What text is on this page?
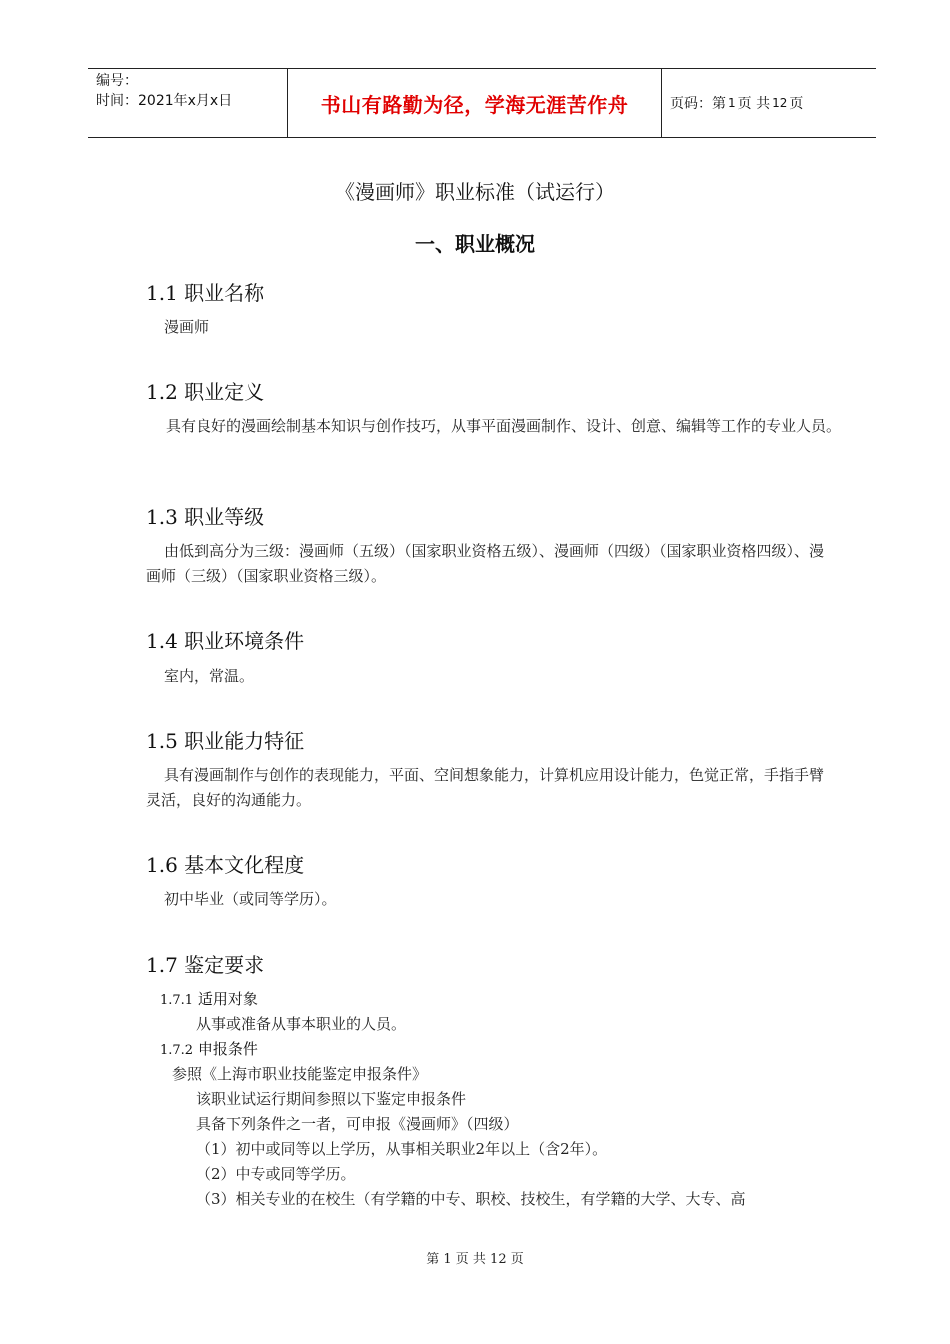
编号：
时间：2021年x月x日	书山有路勤为径，学海无涯苦作舟	页码：第 1 页 共 12 页
《漫画师》职业标准（试运行）
一、职业概况
1.1 职业名称
漫画师
1.2 职业定义
具有良好的漫画绘制基本知识与创作技巧，从事平面漫画制作、设计、创意、编辑等工作的专业人员。
1.3 职业等级
由低到高分为三级：漫画师（五级）（国家职业资格五级）、漫画师（四级）（国家职业资格四级）、漫画师（三级）（国家职业资格三级）。
1.4 职业环境条件
室内，常温。
1.5 职业能力特征
具有漫画制作与创作的表现能力，平面、空间想象能力，计算机应用设计能力，色觉正常，手指手臂灵活，良好的沟通能力。
1.6 基本文化程度
初中毕业（或同等学历）。
1.7 鉴定要求
1.7.1 适用对象
从事或准备从事本职业的人员。
1.7.2 申报条件
参照《上海市职业技能鉴定申报条件》
该职业试运行期间参照以下鉴定申报条件
具备下列条件之一者，可申报《漫画师》（四级）
（1）初中或同等以上学历，从事相关职业2年以上（含2年）。
（2）中专或同等学历。
（3）相关专业的在校生（有学籍的中专、职校、技校生，有学籍的大学、大专、高
第 1 页 共 12 页
